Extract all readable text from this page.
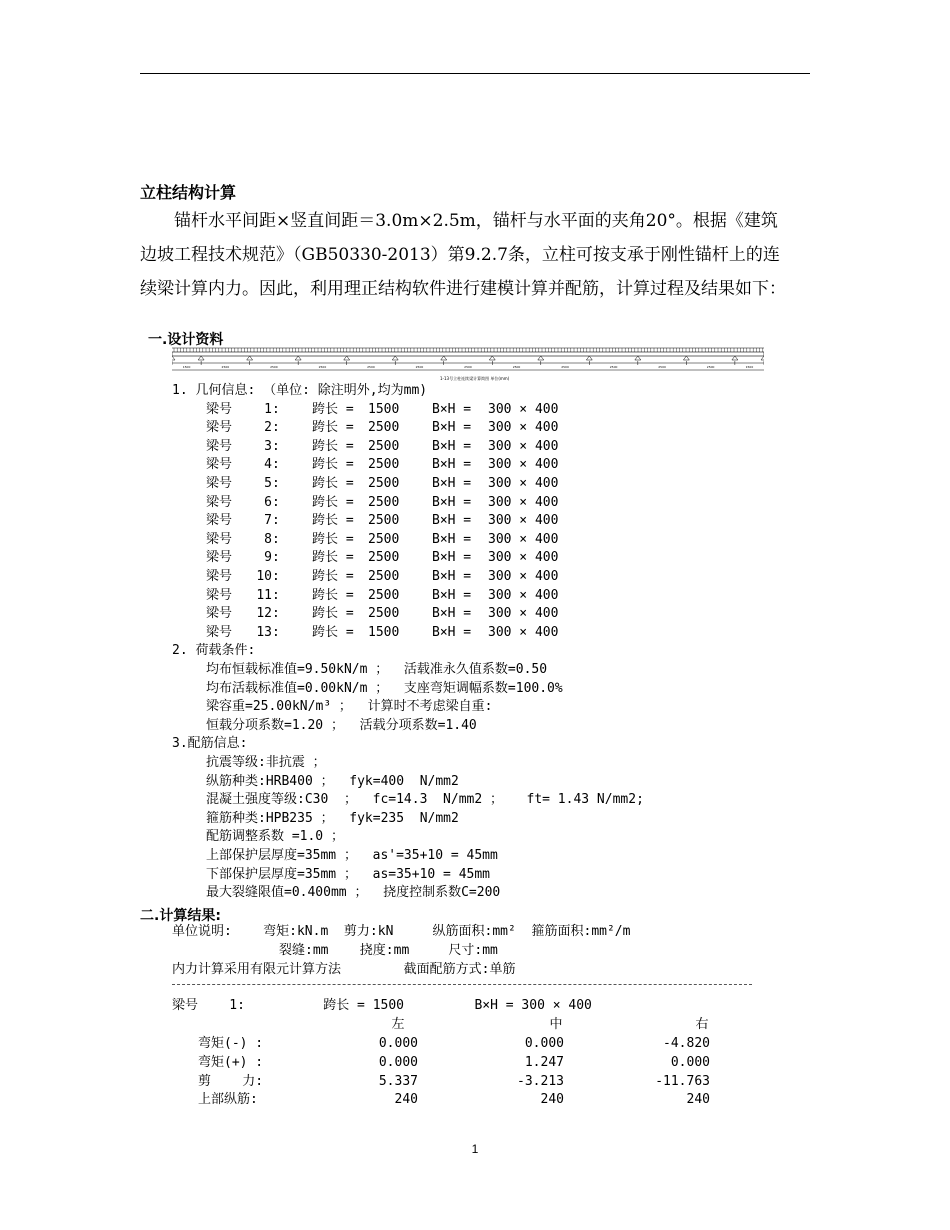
立柱结构计算
锚杆水平间距×竖直间距＝3.0m×2.5m，锚杆与水平面的夹角20°。根据《建筑
边坡工程技术规范》（GB50330-2013）第9.2.7条，立柱可按支承于刚性锚杆上的连
续梁计算内力。因此，利用理正结构软件进行建模计算并配筋，计算过程及结果如下：
一.设计资料
1500	2500	2500	2500	2500	2500	2500	2500	2500	2500	2500	2500	1500
1-13号立柱连续梁计算简图 单位(mm)
1. 几何信息: （单位: 除注明外,均为mm)
梁号	1	跨长 = 1500	B×H = 300 × 400
:
梁号	2	跨长 = 2500	B×H = 300 × 400
:
梁号	3	跨长 = 2500	B×H = 300 × 400
:
梁号	4	跨长 = 2500	B×H = 300 × 400
:
梁号	5	跨长 = 2500	B×H = 300 × 400
:
梁号	6	跨长 = 2500	B×H = 300 × 400
:
梁号	7	跨长 = 2500	B×H = 300 × 400
:
梁号	8	跨长 = 2500	B×H = 300 × 400
:
梁号	9	跨长 = 2500	B×H = 300 × 400
:
梁号	10	跨长 = 2500	B×H = 300 × 400
:
梁号	11	跨长 = 2500	B×H = 300 × 400
:
梁号	12	跨长 = 2500	B×H = 300 × 400
:
梁号	13	跨长 = 1500	B×H = 300 × 400
:
2. 荷载条件:
均布恒载标准值=9.50kN/m ；  活载准永久值系数=0.50
均布活载标准值=0.00kN/m ；  支座弯矩调幅系数=100.0%
梁容重=25.00kN/m³ ；  计算时不考虑梁自重:
恒载分项系数=1.20 ；  活载分项系数=1.40
3.配筋信息:
抗震等级:非抗震 ；
纵筋种类:HRB400 ；  fyk=400  N/mm2
混凝土强度等级:C30  ；  fc=14.3  N/mm2 ；   ft= 1.43 N/mm2;
箍筋种类:HPB235 ；  fyk=235  N/mm2
配筋调整系数 =1.0 ；
上部保护层厚度=35mm ；  as'=35+10 = 45mm
下部保护层厚度=35mm ；  as=35+10 = 45mm
最大裂缝限值=0.400mm ；  挠度控制系数C=200
二.计算结果:
单位说明:    弯矩:kN.m  剪力:kN     纵筋面积:mm²  箍筋面积:mm²/m
裂缝:mm    挠度:mm     尺寸:mm
内力计算采用有限元计算方法        截面配筋方式:单筋
梁号    1:          跨长 = 1500         B×H = 300 × 400
左	中	右
弯矩(-) :	0.000	0.000	-4.820
弯矩(+) :	0.000	1.247	0.000
剪    力:	5.337	-3.213	-11.763
上部纵筋:	240	240	240
1
